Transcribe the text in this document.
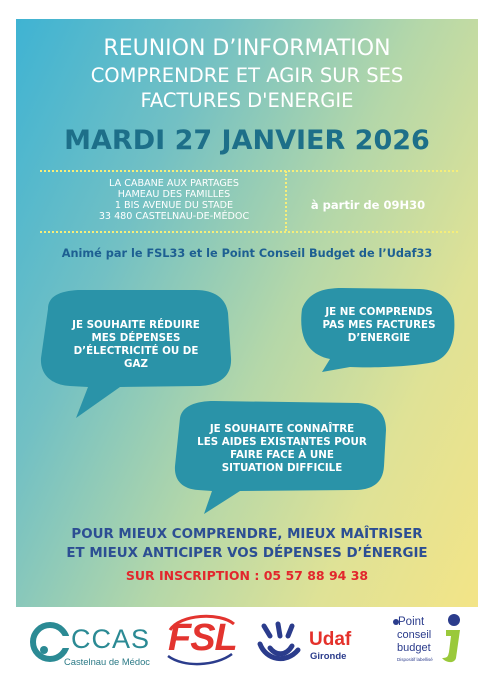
REUNION D’INFORMATION
COMPRENDRE ET AGIR SUR SES
FACTURES D'ENERGIE
MARDI 27 JANVIER 2026
LA CABANE AUX PARTAGES
HAMEAU DES FAMILLES
1 BIS AVENUE DU STADE
33 480 CASTELNAU-DE-MÉDOC
à partir de 09H30
Animé par le FSL33 et le Point Conseil Budget de l’Udaf33
JE SOUHAITE RÉDUIRE
MES DÉPENSES
D’ÉLECTRICITÉ OU DE
GAZ
JE NE COMPRENDS
PAS MES FACTURES
D’ENERGIE
JE SOUHAITE CONNAÎTRE
LES AIDES EXISTANTES POUR
FAIRE FACE À UNE
SITUATION DIFFICILE
POUR MIEUX COMPRENDRE, MIEUX MAÎTRISER
ET MIEUX ANTICIPER VOS DÉPENSES D’ÉNERGIE
SUR INSCRIPTION : 05 57 88 94 38
CCAS
Castelnau de Médoc
FSL	Udaf
Gironde
Point
conseil
budget
Dispositif labellisé
